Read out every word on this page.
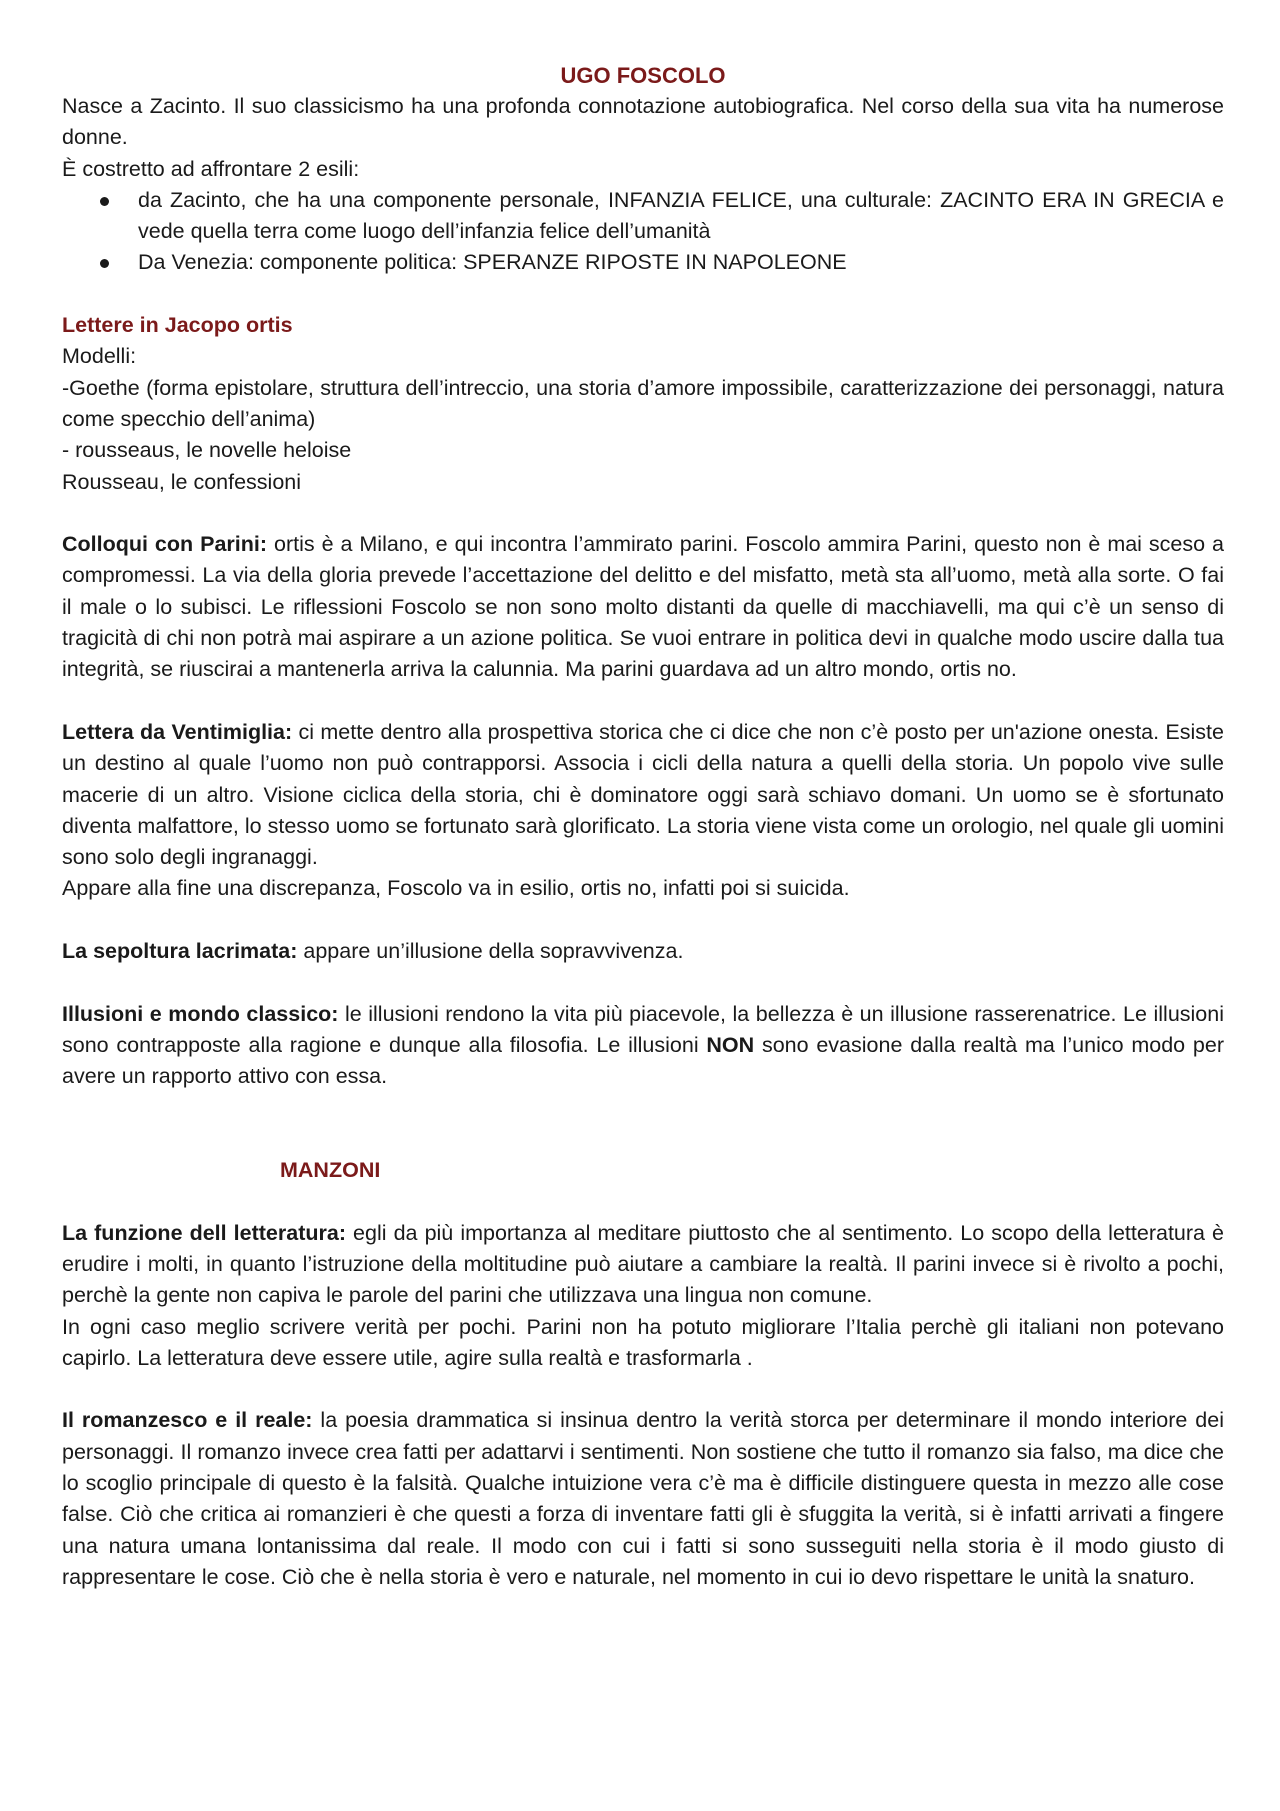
UGO FOSCOLO

Nasce a Zacinto. Il suo classicismo ha una profonda connotazione autobiografica. Nel corso della sua vita ha numerose donne.

È costretto ad affrontare 2 esili:

da Zacinto, che ha una componente personale, INFANZIA FELICE, una culturale: ZACINTO ERA IN GRECIA e vede quella terra come luogo dell’infanzia felice dell’umanità
Da Venezia: componente politica: SPERANZE RIPOSTE IN NAPOLEONE

Lettere in Jacopo ortis

Modelli:

-Goethe (forma epistolare, struttura dell’intreccio, una storia d’amore impossibile, caratterizzazione dei personaggi, natura come specchio dell’anima)

- rousseaus, le novelle heloise

Rousseau, le confessioni

Colloqui con Parini: ortis è a Milano, e qui incontra l’ammirato parini. Foscolo ammira Parini, questo non è mai sceso a compromessi. La via della gloria prevede l’accettazione del delitto e del misfatto, metà sta all’uomo, metà alla sorte. O fai il male o lo subisci. Le riflessioni Foscolo se non sono molto distanti da quelle di macchiavelli, ma qui c’è un senso di tragicità di chi non potrà mai aspirare a un azione politica. Se vuoi entrare in politica devi in qualche modo uscire dalla tua integrità, se riuscirai a mantenerla arriva la calunnia. Ma parini guardava ad un altro mondo, ortis no.

Lettera da Ventimiglia: ci mette dentro alla prospettiva storica che ci dice che non c’è posto per un'azione onesta. Esiste un destino al quale l’uomo non può contrapporsi. Associa i cicli della natura a quelli della storia. Un popolo vive sulle macerie di un altro. Visione ciclica della storia, chi è dominatore oggi sarà schiavo domani. Un uomo se è sfortunato diventa malfattore, lo stesso uomo se fortunato sarà glorificato. La storia viene vista come un orologio, nel quale gli uomini sono solo degli ingranaggi.

Appare alla fine una discrepanza, Foscolo va in esilio, ortis no, infatti poi si suicida.

La sepoltura lacrimata: appare un’illusione della sopravvivenza.

Illusioni e mondo classico: le illusioni rendono la vita più piacevole, la bellezza è un illusione rasserenatrice. Le illusioni sono contrapposte alla ragione e dunque alla filosofia. Le illusioni NON sono evasione dalla realtà ma l’unico modo per avere un rapporto attivo con essa.

MANZONI

La funzione dell letteratura: egli da più importanza al meditare piuttosto che al sentimento. Lo scopo della letteratura è erudire i molti, in quanto l’istruzione della moltitudine può aiutare a cambiare la realtà. Il parini invece si è rivolto a pochi, perchè la gente non capiva le parole del parini che utilizzava una lingua non comune.

In ogni caso meglio scrivere verità per pochi. Parini non ha potuto migliorare l’Italia perchè gli italiani non potevano capirlo. La letteratura deve essere utile, agire sulla realtà e trasformarla .

Il romanzesco e il reale: la poesia drammatica si insinua dentro la verità storca per determinare il mondo interiore dei personaggi. Il romanzo invece crea fatti per adattarvi i sentimenti. Non sostiene che tutto il romanzo sia falso, ma dice che lo scoglio principale di questo è la falsità. Qualche intuizione vera c’è ma è difficile distinguere questa in mezzo alle cose false. Ciò che critica ai romanzieri è che questi a forza di inventare fatti gli è sfuggita la verità, si è infatti arrivati a fingere una natura umana lontanissima dal reale. Il modo con cui i fatti si sono susseguiti nella storia è il modo giusto di rappresentare le cose. Ciò che è nella storia è vero e naturale, nel momento in cui io devo rispettare le unità la snaturo.
